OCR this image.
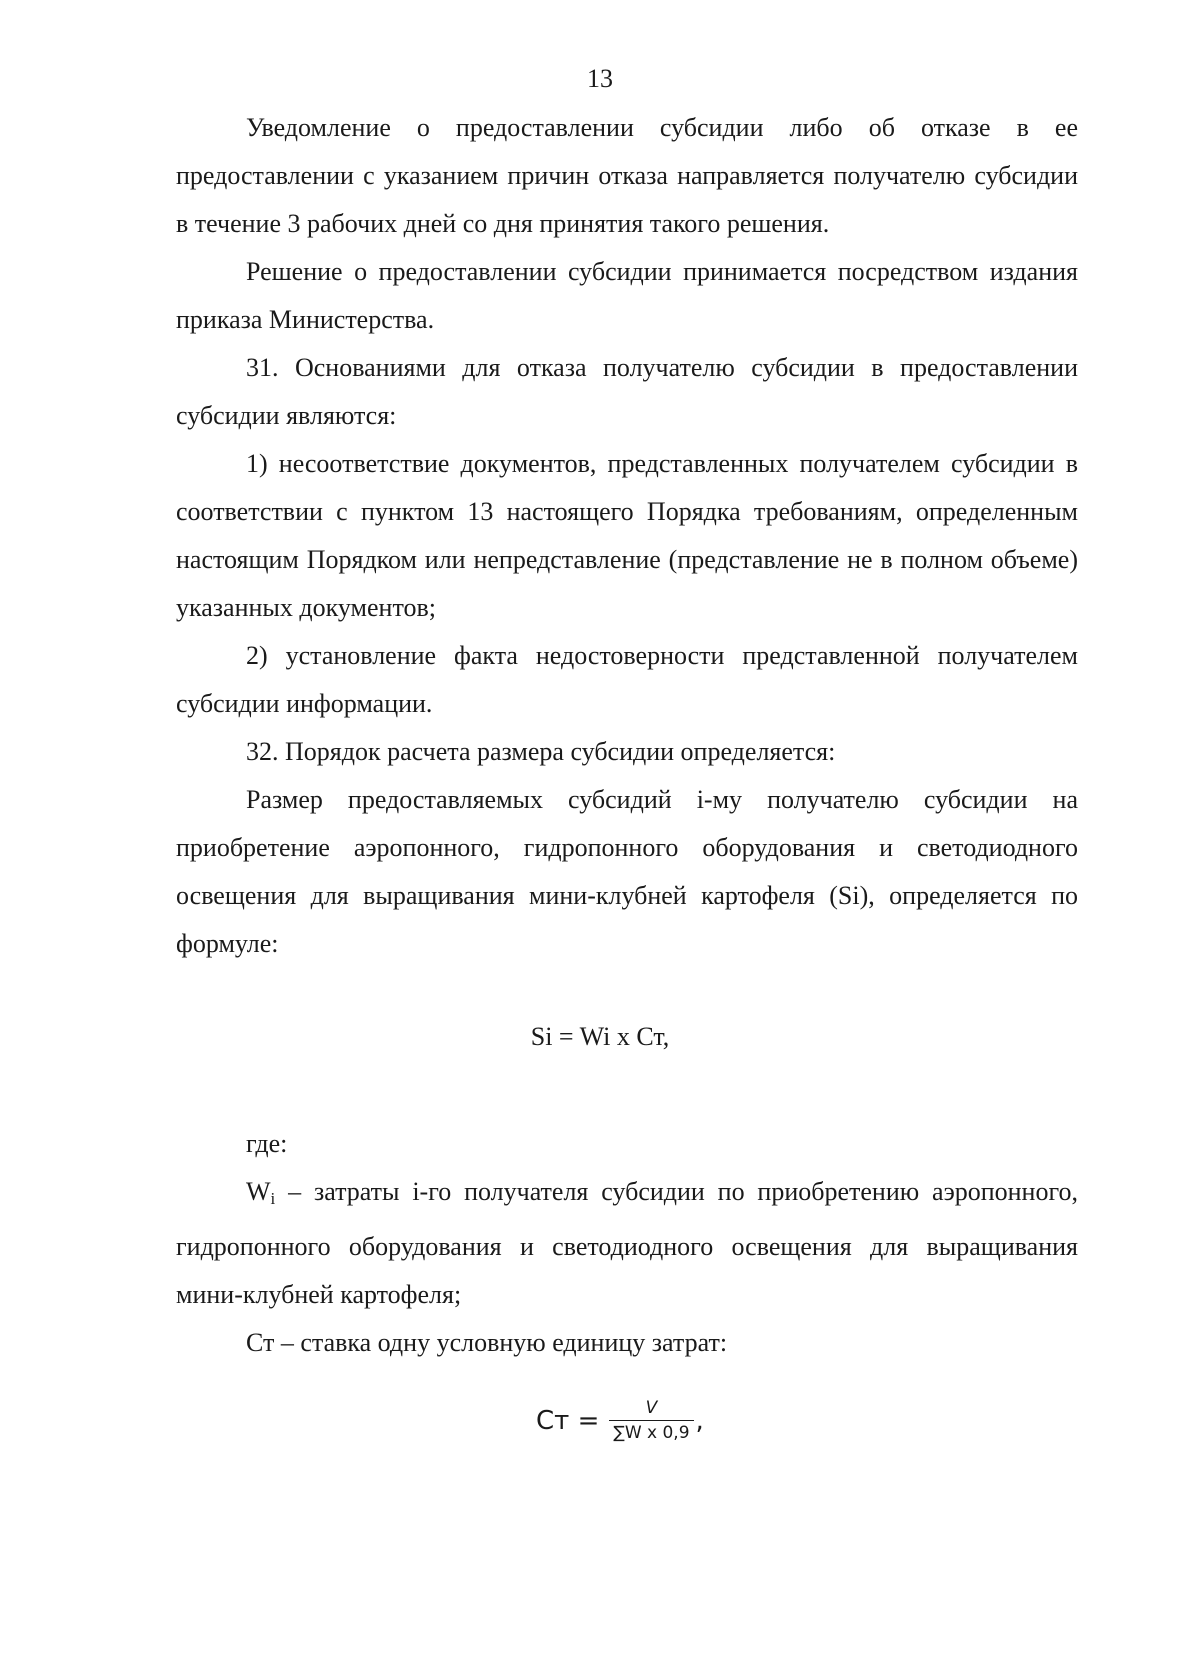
13

Уведомление о предоставлении субсидии либо об отказе в ее предоставлении с указанием причин отказа направляется получателю субсидии в течение 3 рабочих дней со дня принятия такого решения.

Решение о предоставлении субсидии принимается посредством издания приказа Министерства.

31. Основаниями для отказа получателю субсидии в предоставлении субсидии являются:

1) несоответствие документов, представленных получателем субсидии в соответствии с пунктом 13 настоящего Порядка требованиям, определенным настоящим Порядком или непредставление (представление не в полном объеме) указанных документов;

2) установление факта недостоверности представленной получателем субсидии информации.

32. Порядок расчета размера субсидии определяется:

Размер предоставляемых субсидий i-му получателю субсидии на приобретение аэропонного, гидропонного оборудования и светодиодного освещения для выращивания мини-клубней картофеля (Si), определяется по формуле:

Si = Wi x Ст,

где:

$W_i$ – затраты i-го получателя субсидии по приобретению аэропонного, гидропонного оборудования и светодиодного освещения для выращивания мини-клубней картофеля;

Ст – ставка одну условную единицу затрат:

Ст = $\frac{V}{\text{∑W x 0,9}}$ ,
